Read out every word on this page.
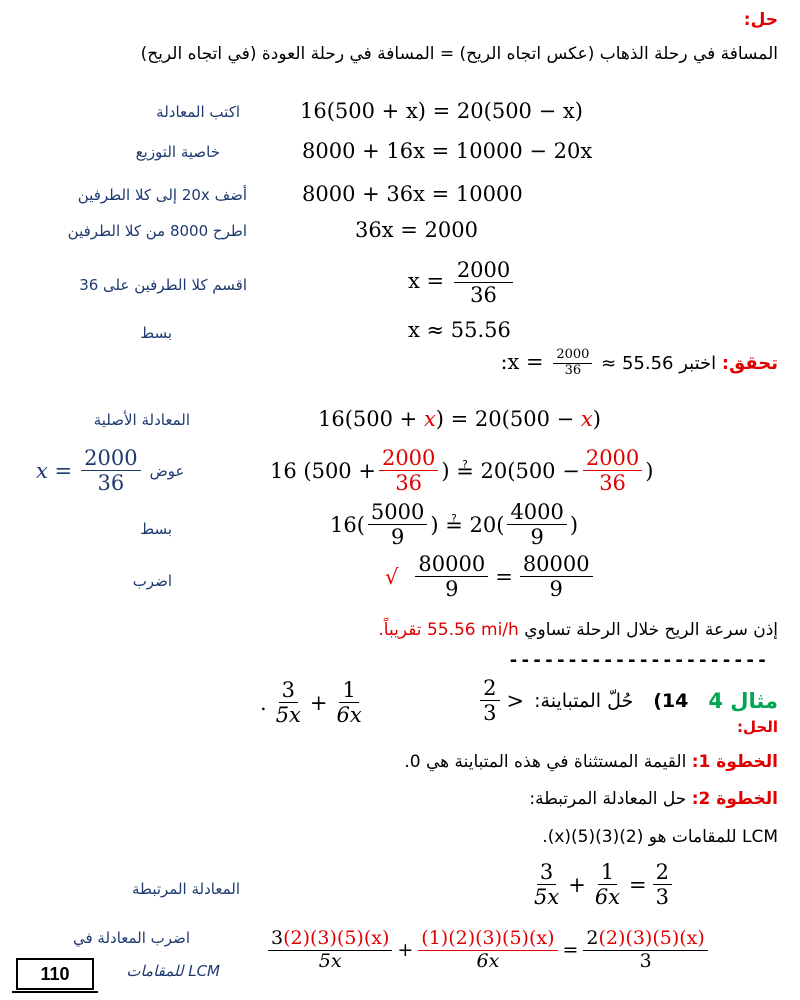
حل:
المسافة في رحلة الذهاب (عكس اتجاه الريح) = المسافة في رحلة العودة (في اتجاه الريح)
اكتب المعادلة	16(500 + x) = 20(500 − x)
خاصية التوزيع	8000 + 16x = 10000 − 20x
أضف 20x إلى كلا الطرفين	8000 + 36x = 10000
اطرح 8000 من كلا الطرفين	36x = 2000
اقسم كلا الطرفين على 36	$x = \frac{2000}{36}$
بسط	x ≈ 55.56
تحقق: اختبر 55.56 ≈ :x = $\frac{2000}{36}$
المعادلة الأصلية	16(500 + x) = 20(500 − x)
$x = \frac{2000}{36}$ عوض	16 ($500 + \frac{2000}{36}$ ) ≟ $20(500 - \frac{2000}{36}$ )
بسط	$16( \frac{5000}{9}$ ) ≟ $20( \frac{4000}{9}$ )
اضرب	√ $\frac{80000}{9} = \frac{80000}{9}$
إذن سرعة الريح خلال الرحلة تساوي 55.56 mi/h تقريباً.
----------------------
مثال 4
14)
حُلّ المتباينة:
$\frac{2}{3}$ >
. $\frac{3}{5x} + \frac{1}{6x}$	الحل:
الخطوة 1: القيمة المستثناة في هذه المتباينة هي 0.
الخطوة 2: حل المعادلة المرتبطة:
LCM للمقامات هو (2)(3)(5)(x).
المعادلة المرتبطة	$\frac{3}{5x} + \frac{1}{6x} = \frac{2}{3}$
اضرب المعادلة في
LCM للمقامات	$\frac{3(2)(3)(5)(x)}{5x} + \frac{(1)(2)(3)(5)(x)}{6x} = \frac{2(2)(3)(5)(x)}{3}$
110
